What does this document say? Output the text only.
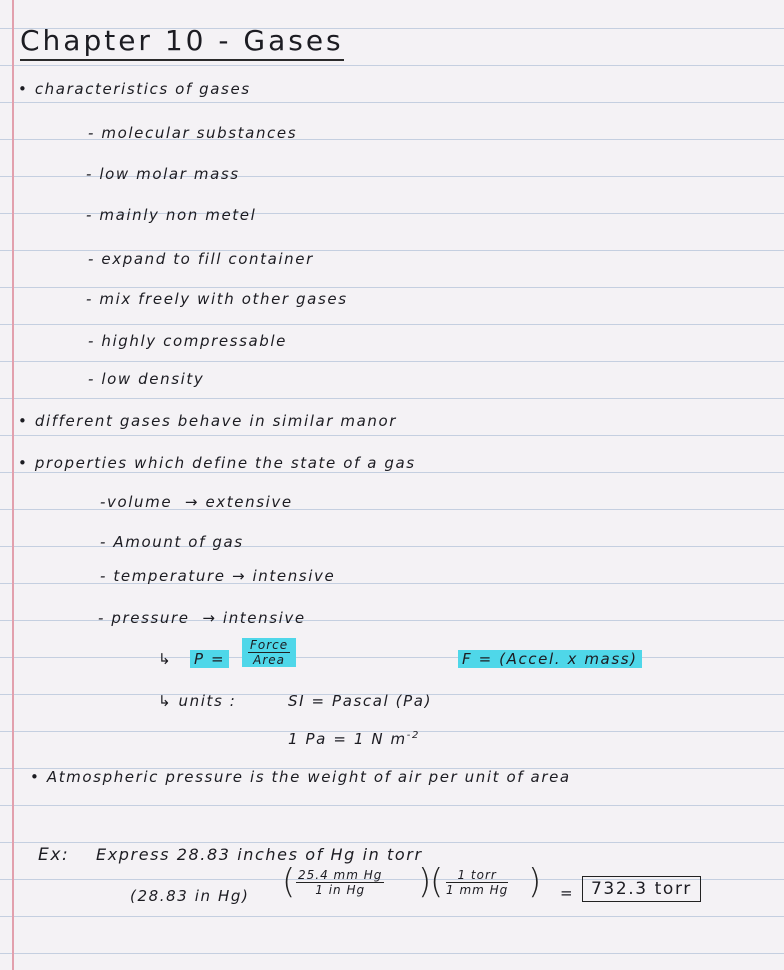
Chapter 10 - Gases
• characteristics of gases
- molecular substances
- low molar mass
- mainly non metel
- expand to fill container
- mix freely with other gases
- highly compressable
- low density
• different gases behave in similar manor
• properties which define the state of a gas
-volume  → extensive
- Amount of gas
- temperature → intensive
- pressure  → intensive
↳ P =
Force
Area	F = (Accel. x mass)
↳ units :	SI = Pascal (Pa)
1 Pa = 1 N $m^{-2}$
• Atmospheric pressure is the weight of air per unit of area
Ex: Express 28.83 inches of Hg in torr
(28.83 in Hg) ( $\frac{\text{25.4 mm Hg}}{\text{1 in Hg}}$ )
(	1 torr
1 mm Hg ) = 732.3 torr
